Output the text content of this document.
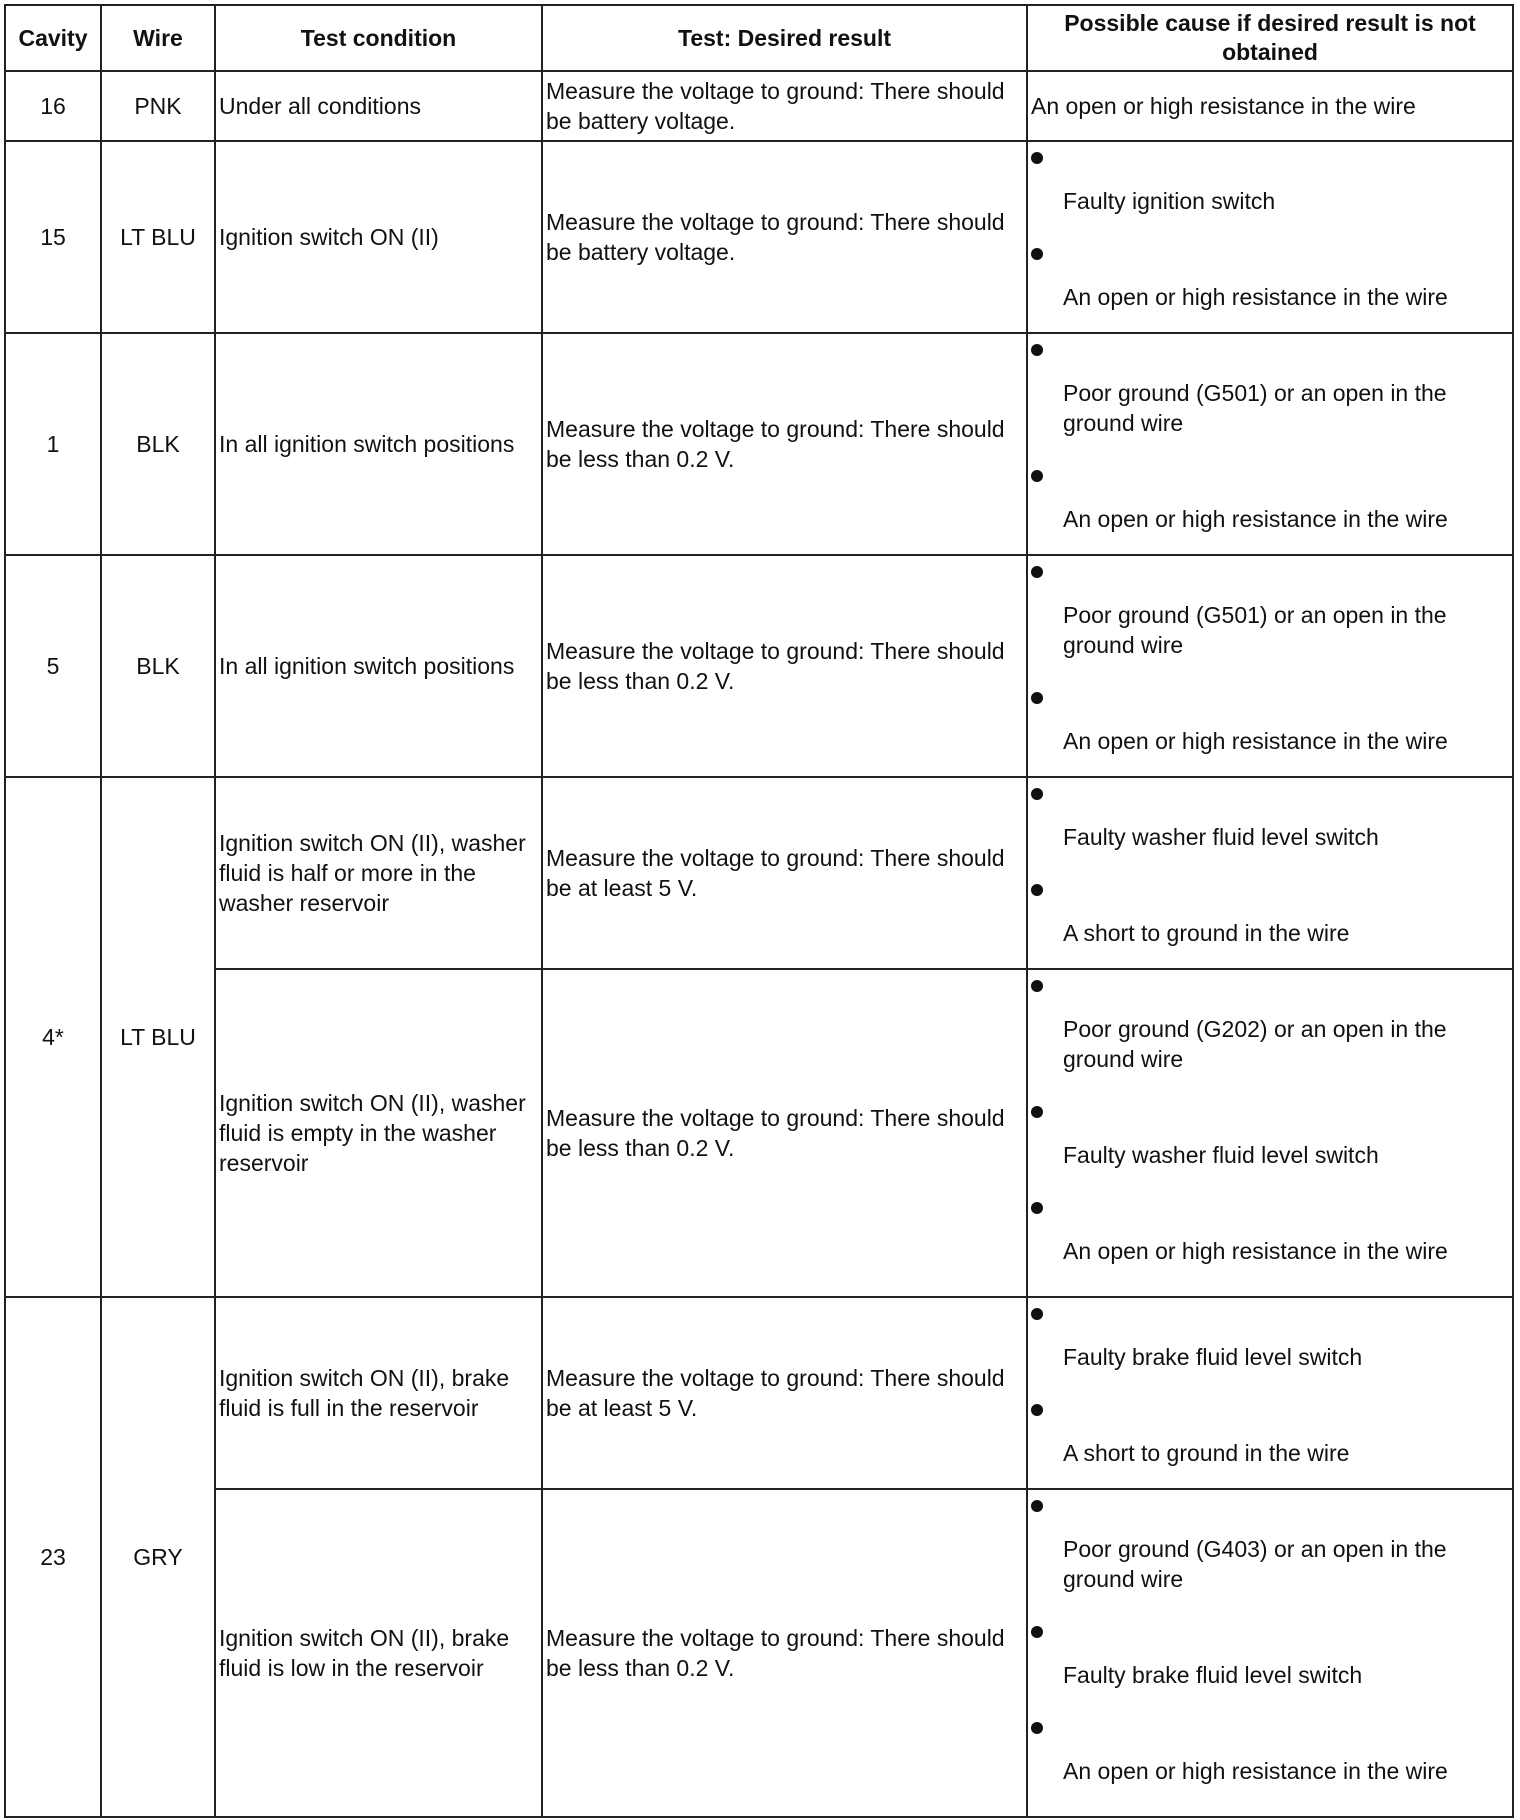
Cavity	Wire	Test condition	Test: Desired result	Possible cause if desired result is not obtained
16	PNK	Under all conditions	Measure the voltage to ground: There should be battery voltage.	An open or high resistance in the wire
15	LT BLU	Ignition switch ON (II)	Measure the voltage to ground: There should be battery voltage.	Faulty ignition switch
An open or high resistance in the wire

1	BLK	In all ignition switch positions	Measure the voltage to ground: There should be less than 0.2 V.	Poor ground (G501) or an open in the ground wire
An open or high resistance in the wire

5	BLK	In all ignition switch positions	Measure the voltage to ground: There should be less than 0.2 V.	Poor ground (G501) or an open in the ground wire
An open or high resistance in the wire

4*	LT BLU	Ignition switch ON (II), washer fluid is half or more in the washer reservoir	Measure the voltage to ground: There should be at least 5 V.	Faulty washer fluid level switch
A short to ground in the wire

		Ignition switch ON (II), washer fluid is empty in the washer reservoir	Measure the voltage to ground: There should be less than 0.2 V.	Poor ground (G202) or an open in the ground wire
Faulty washer fluid level switch
An open or high resistance in the wire

23	GRY	Ignition switch ON (II), brake fluid is full in the reservoir	Measure the voltage to ground: There should be at least 5 V.	Faulty brake fluid level switch
A short to ground in the wire

		Ignition switch ON (II), brake fluid is low in the reservoir	Measure the voltage to ground: There should be less than 0.2 V.	Poor ground (G403) or an open in the ground wire
Faulty brake fluid level switch
An open or high resistance in the wire
